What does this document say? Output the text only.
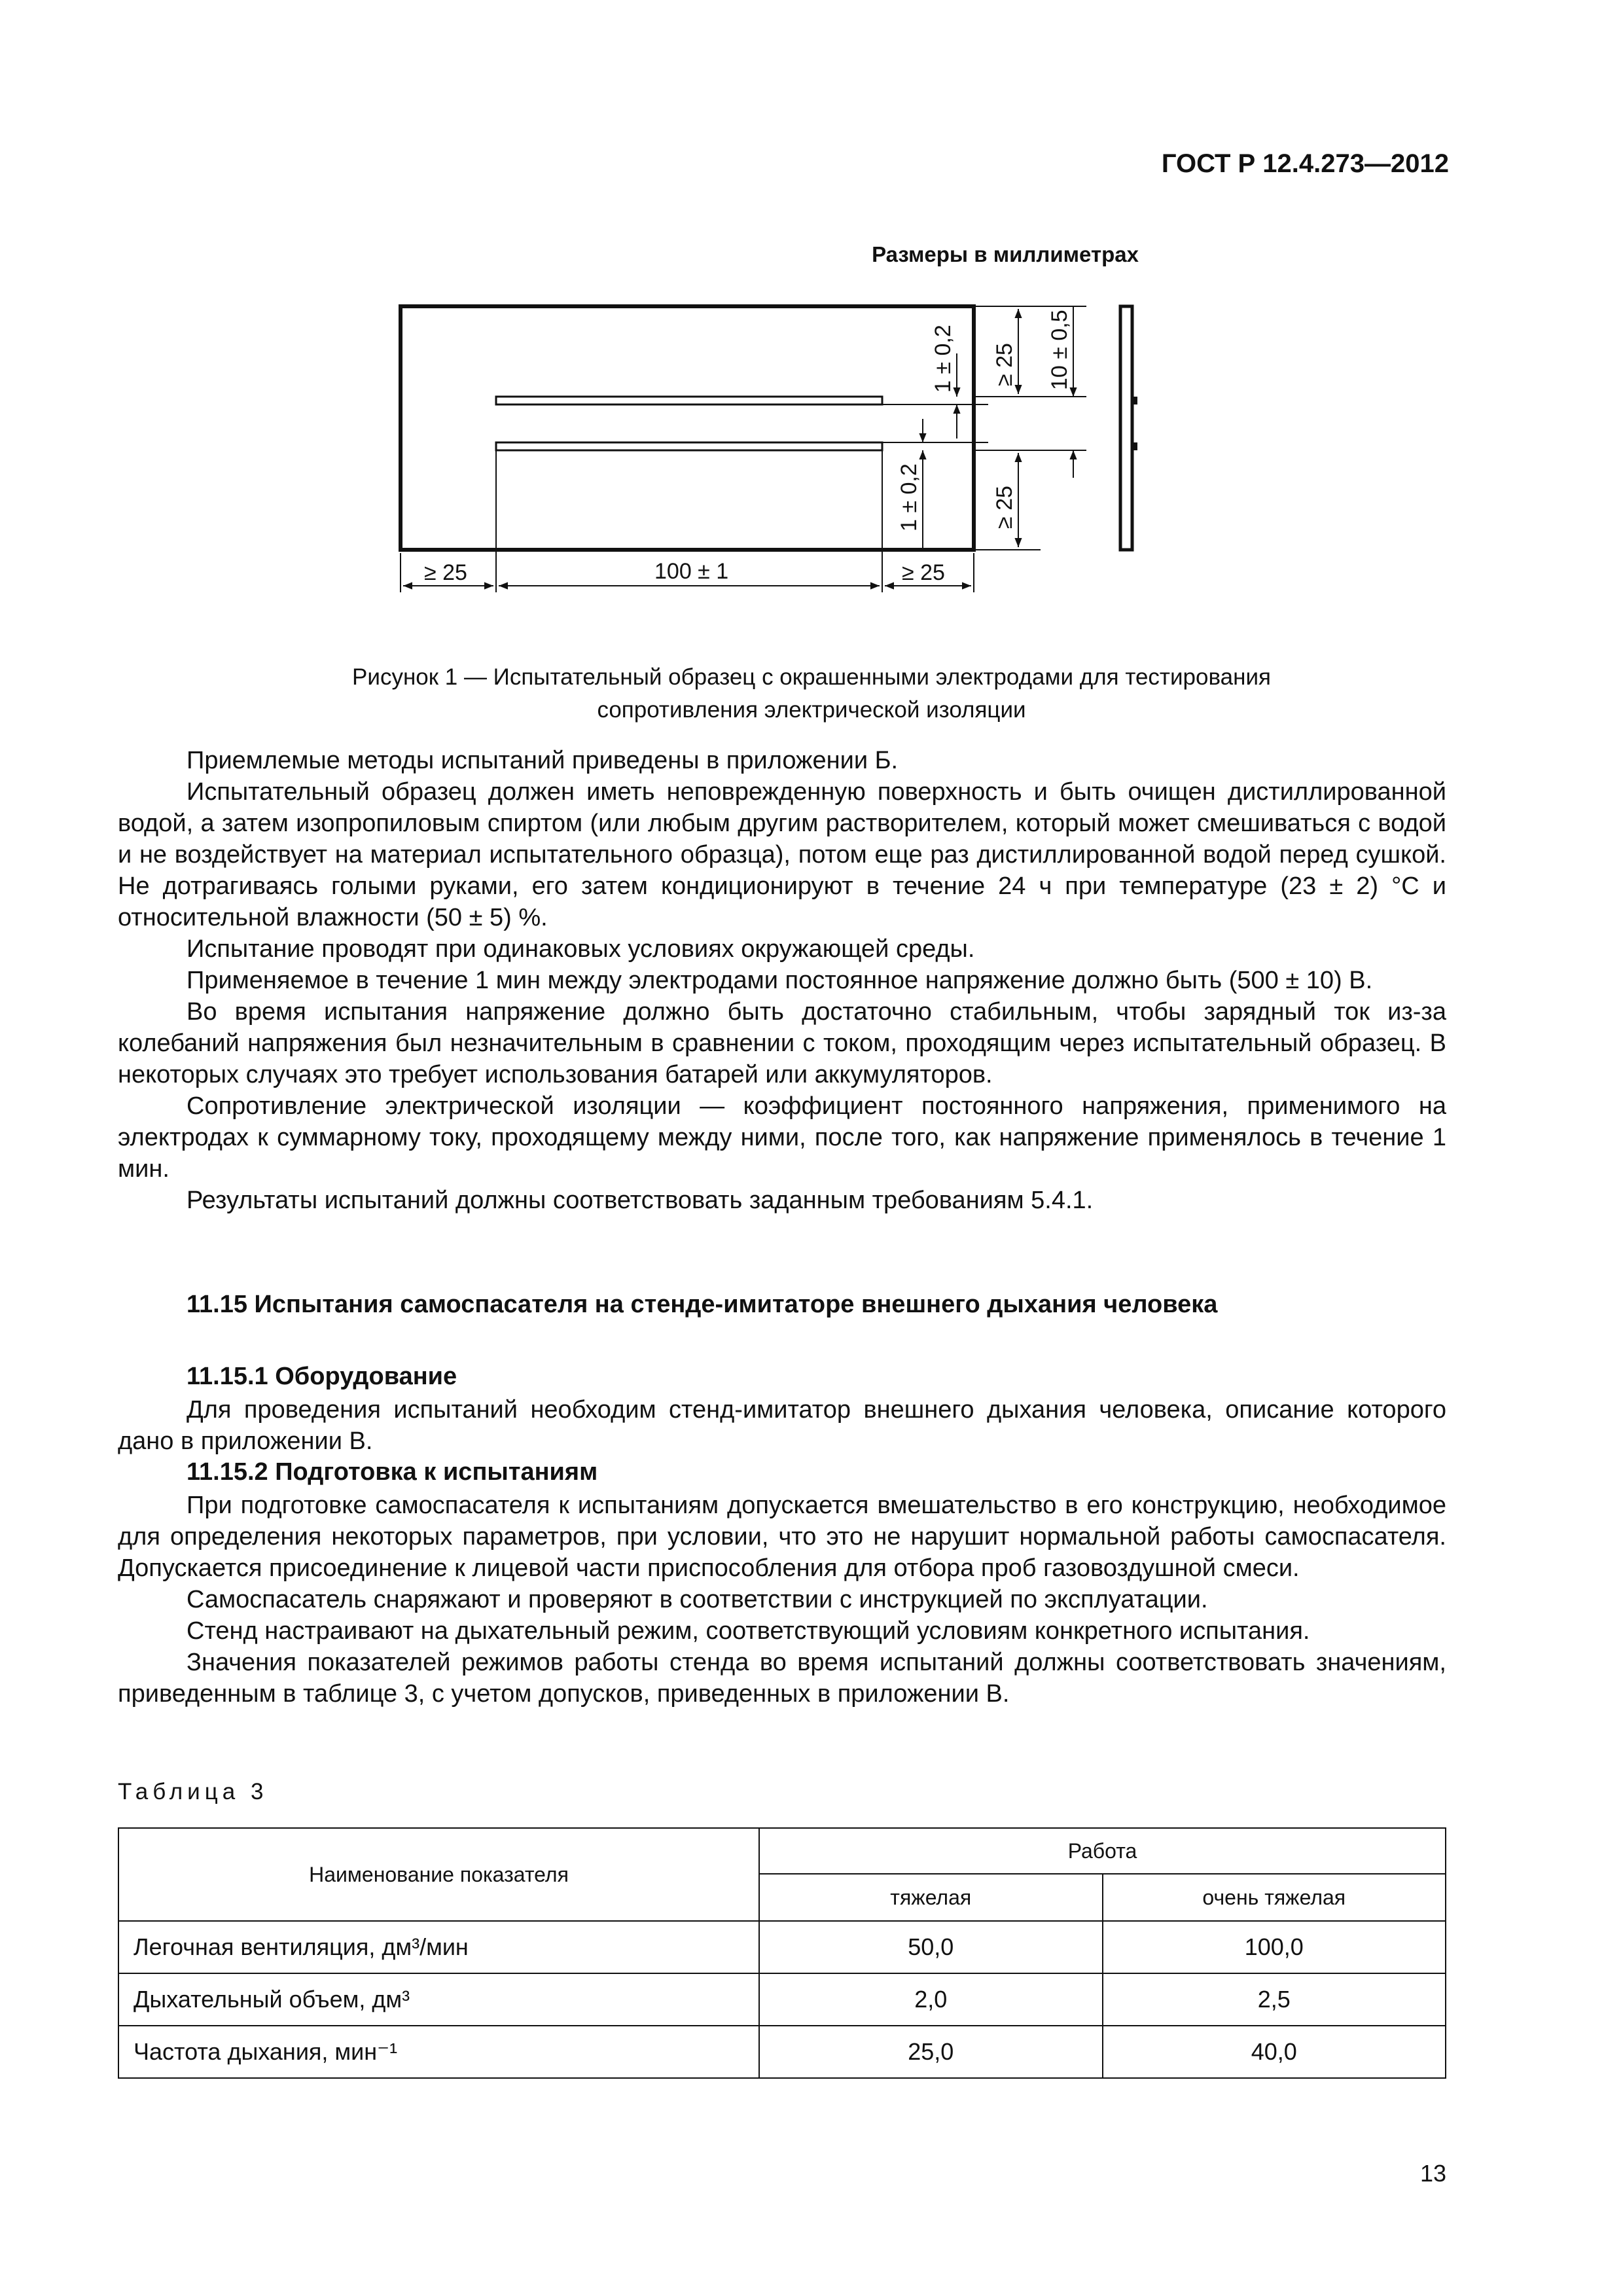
ГОСТ Р 12.4.273—2012
Размеры в миллиметрах
1 ± 0,2 ≥ 25 10 ± 0,5
1 ± 0,2	≥ 25
≥ 25	100 ± 1	≥ 25
Рисунок 1 — Испытательный образец с окрашенными электродами для тестирования
сопротивления электрической изоляции

Приемлемые методы испытаний приведены в приложении Б.

Испытательный образец должен иметь неповрежденную поверхность и быть очищен дистиллированной водой, а затем изопропиловым спиртом (или любым другим растворителем, который может смешиваться с водой и не воздействует на материал испытательного образца), потом еще раз дистиллированной водой перед сушкой. Не дотрагиваясь голыми руками, его затем кондиционируют в течение 24 ч при температуре (23 ± 2) °С и относительной влажности (50 ± 5) %.

Испытание проводят при одинаковых условиях окружающей среды.

Применяемое в течение 1 мин между электродами постоянное напряжение должно быть (500 ± 10) В.

Во время испытания напряжение должно быть достаточно стабильным, чтобы зарядный ток из-за колебаний напряжения был незначительным в сравнении с током, проходящим через испытательный образец. В некоторых случаях это требует использования батарей или аккумуляторов.

Сопротивление электрической изоляции — коэффициент постоянного напряжения, применимого на электродах к суммарному току, проходящему между ними, после того, как напряжение применялось в течение 1 мин.

Результаты испытаний должны соответствовать заданным требованиям 5.4.1.

11.15 Испытания самоспасателя на стенде-имитаторе внешнего дыхания человека
11.15.1 Оборудование

Для проведения испытаний необходим стенд-имитатор внешнего дыхания человека, описание которого дано в приложении В.

11.15.2 Подготовка к испытаниям

При подготовке самоспасателя к испытаниям допускается вмешательство в его конструкцию, необходимое для определения некоторых параметров, при условии, что это не нарушит нормальной работы самоспасателя. Допускается присоединение к лицевой части приспособления для отбора проб газовоздушной смеси.

Самоспасатель снаряжают и проверяют в соответствии с инструкцией по эксплуатации.

Стенд настраивают на дыхательный режим, соответствующий условиям конкретного испытания.

Значения показателей режимов работы стенда во время испытаний должны соответствовать значениям, приведенным в таблице 3, с учетом допусков, приведенных в приложении В.

Таблица 3
Наименование показателя	Работа	
	тяжелая	очень тяжелая
Легочная вентиляция, дм³/мин	50,0	100,0
Дыхательный объем, дм³	2,0	2,5
Частота дыхания, мин⁻¹	25,0	40,0
13
